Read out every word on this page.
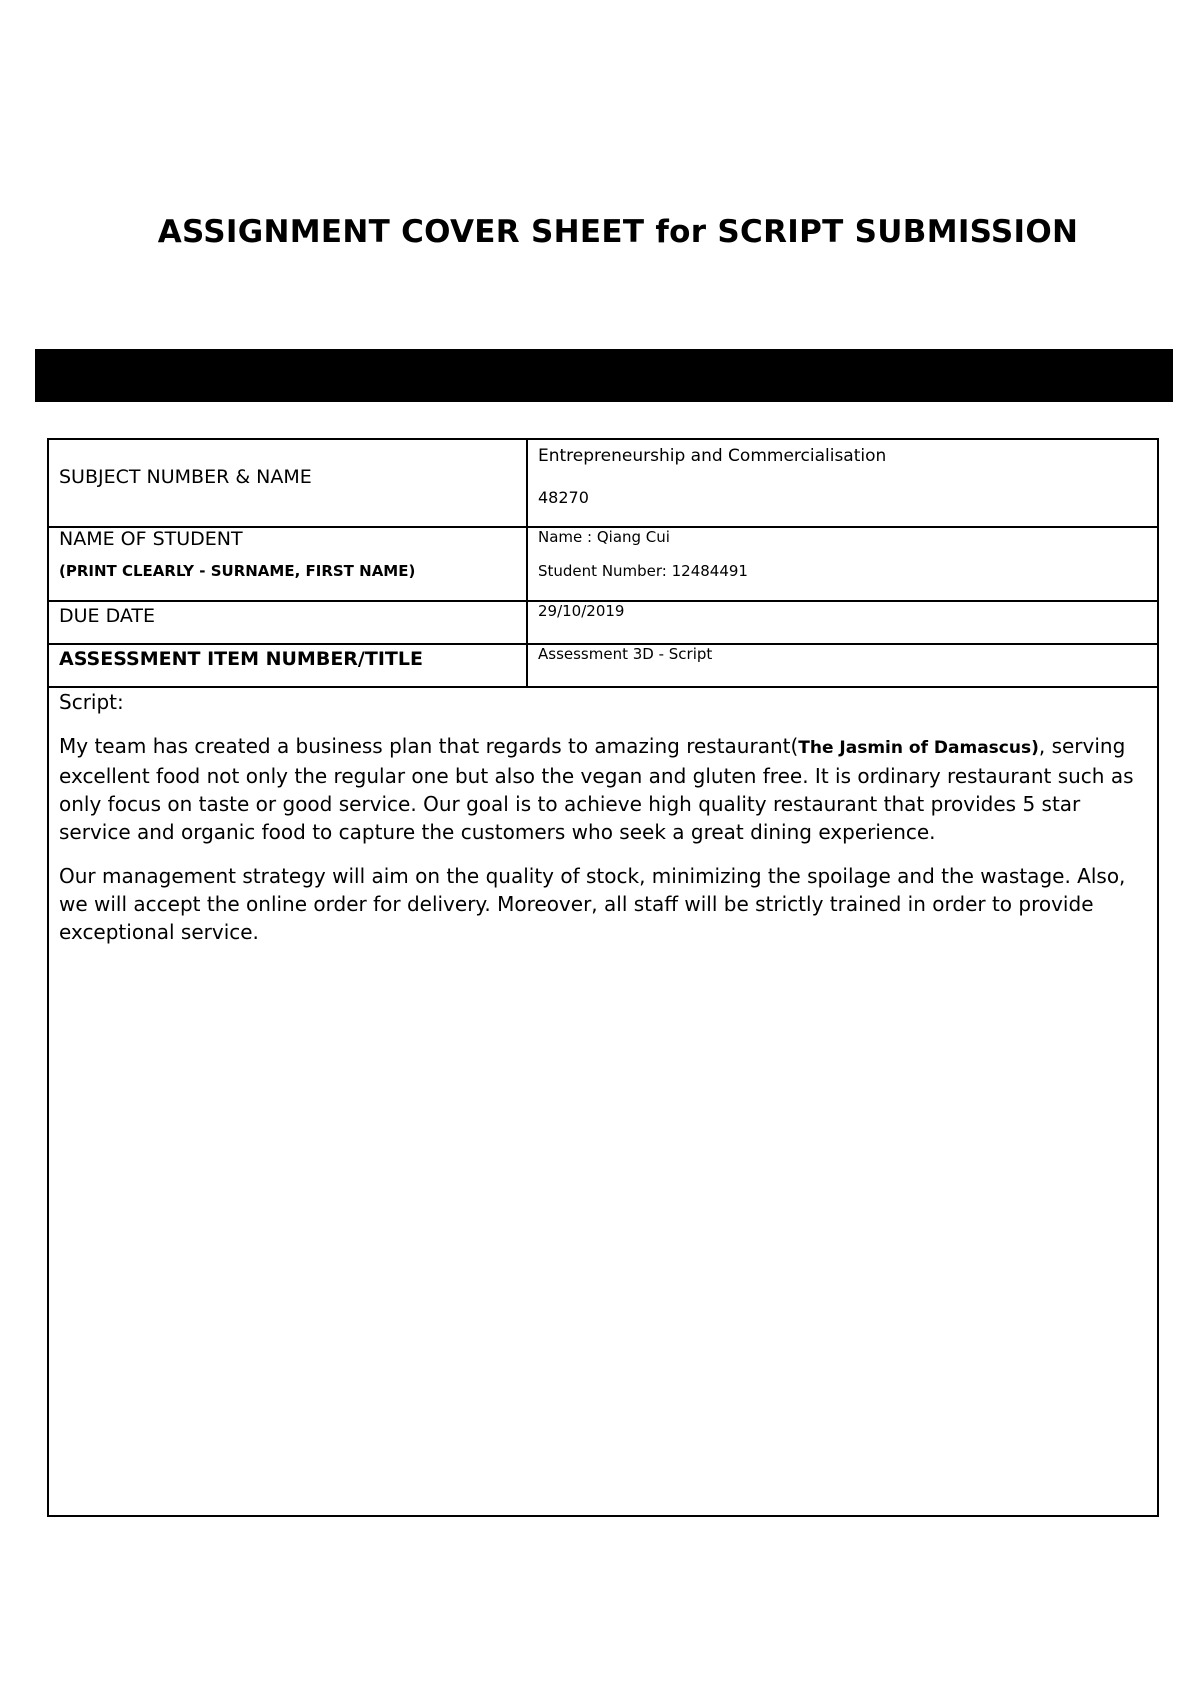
ASSIGNMENT COVER SHEET for SCRIPT SUBMISSION
SUBJECT NUMBER & NAME	Entrepreneurship and Commercialisation
48270

NAME OF STUDENT
(PRINT CLEARLY - SURNAME, FIRST NAME)	Name : Qiang Cui
Student Number: 12484491

DUE DATE	29/10/2019

ASSESSMENT ITEM NUMBER/TITLE	Assessment 3D - Script

Script:

My team has created a business plan that regards to amazing restaurant(The Jasmin of Damascus), serving excellent food not only the regular one but also the vegan and gluten free. It is ordinary restaurant such as only focus on taste or good service. Our goal is to achieve high quality restaurant that provides 5 star service and organic food to capture the customers who seek a great dining experience.

Our management strategy will aim on the quality of stock, minimizing the spoilage and the wastage. Also, we will accept the online order for delivery. Moreover, all staff will be strictly trained in order to provide exceptional service.	
